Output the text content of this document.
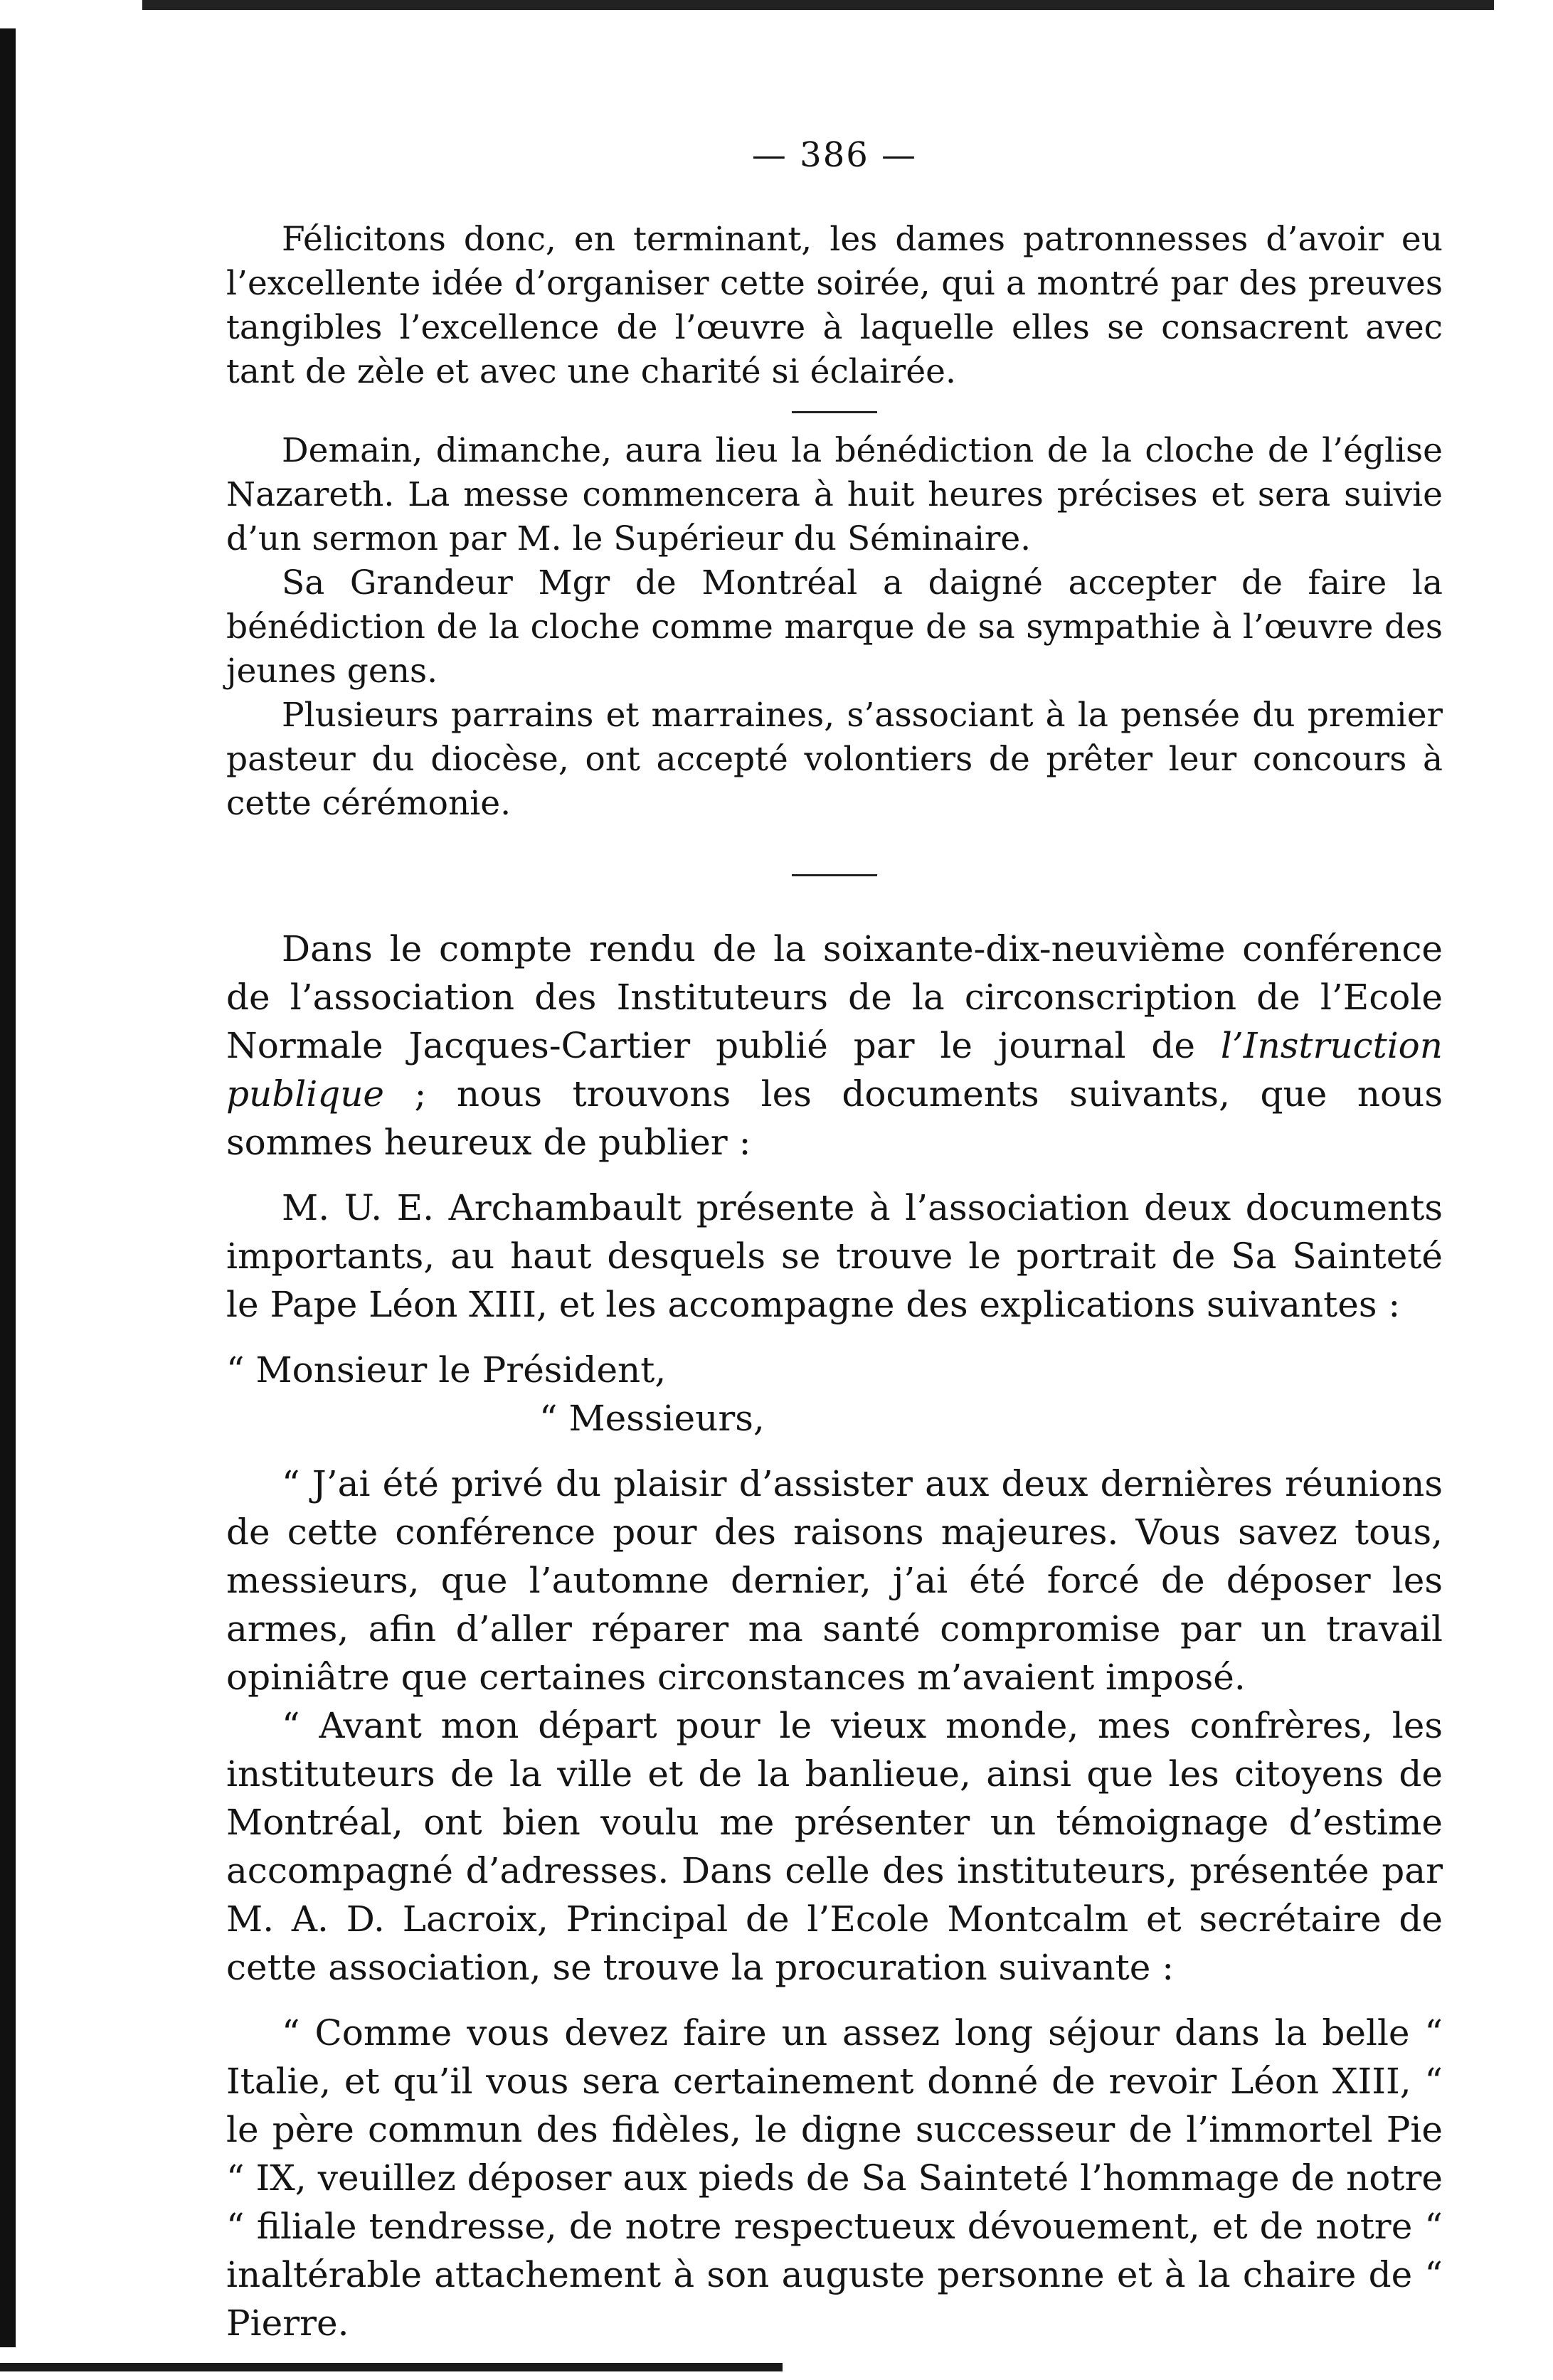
— 386 —

Félicitons donc, en terminant, les dames patronnesses d’avoir eu l’excellente idée d’organiser cette soirée, qui a montré par des preuves tangibles l’excellence de l’œuvre à laquelle elles se consacrent avec tant de zèle et avec une charité si éclairée.

Demain, dimanche, aura lieu la bénédiction de la cloche de l’église Nazareth. La messe commencera à huit heures précises et sera suivie d’un sermon par M. le Supérieur du Séminaire.

Sa Grandeur Mgr de Montréal a daigné accepter de faire la bénédiction de la cloche comme marque de sa sympathie à l’œuvre des jeunes gens.

Plusieurs parrains et marraines, s’associant à la pensée du premier pasteur du diocèse, ont accepté volontiers de prêter leur concours à cette cérémonie.

Dans le compte rendu de la soixante-dix-neuvième conférence de l’association des Instituteurs de la circonscription de l’Ecole Normale Jacques-Cartier publié par le journal de l’Instruction publique ; nous trouvons les documents suivants, que nous sommes heureux de publier :

M. U. E. Archambault présente à l’association deux documents importants, au haut desquels se trouve le portrait de Sa Sainteté le Pape Léon XIII, et les accompagne des explications suivantes :

“ Monsieur le Président,
“ Messieurs,

“ J’ai été privé du plaisir d’assister aux deux dernières réunions de cette conférence pour des raisons majeures. Vous savez tous, messieurs, que l’automne dernier, j’ai été forcé de déposer les armes, afin d’aller réparer ma santé compromise par un travail opiniâtre que certaines circonstances m’avaient imposé.

“ Avant mon départ pour le vieux monde, mes confrères, les instituteurs de la ville et de la banlieue, ainsi que les citoyens de Montréal, ont bien voulu me présenter un témoignage d’estime accompagné d’adresses. Dans celle des instituteurs, présentée par M. A. D. Lacroix, Principal de l’Ecole Montcalm et secrétaire de cette association, se trouve la procuration suivante :

“ Comme vous devez faire un assez long séjour dans la belle “ Italie, et qu’il vous sera certainement donné de revoir Léon XIII, “ le père commun des fidèles, le digne successeur de l’immortel Pie “ IX, veuillez déposer aux pieds de Sa Sainteté l’hommage de notre “ filiale tendresse, de notre respectueux dévouement, et de notre “ inaltérable attachement à son auguste personne et à la chaire de “ Pierre.
